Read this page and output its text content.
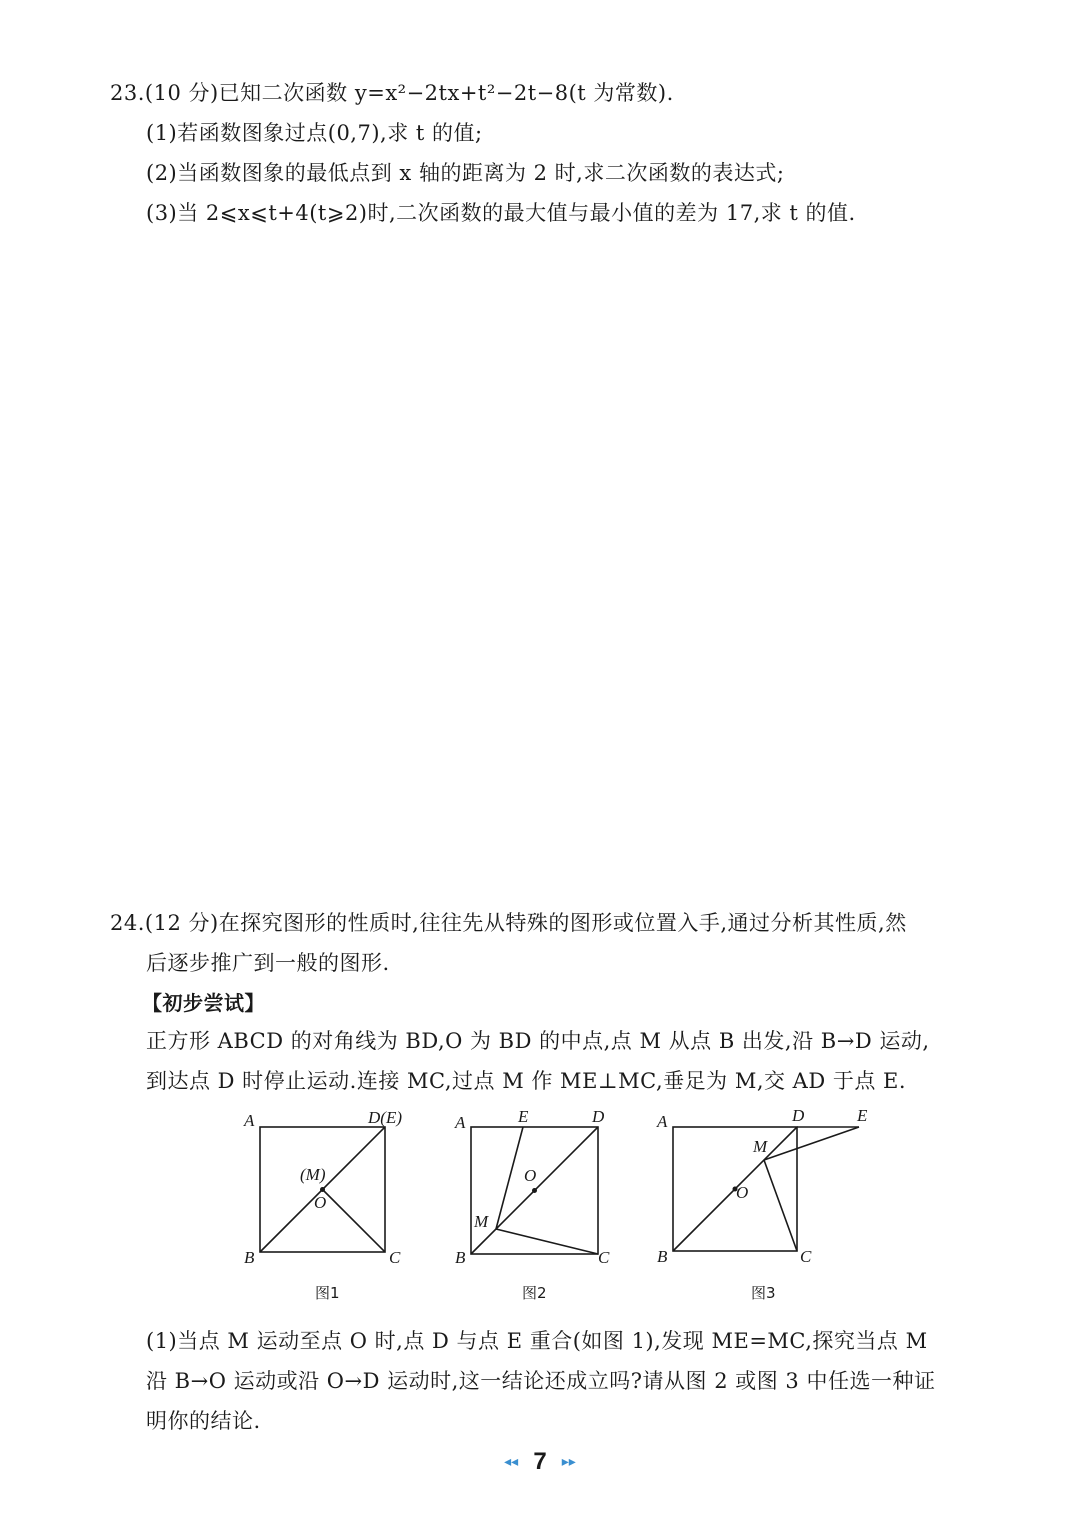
23.(10 分)已知二次函数 y=x²−2tx+t²−2t−8(t 为常数).
(1)若函数图象过点(0,7),求 t 的值;
(2)当函数图象的最低点到 x 轴的距离为 2 时,求二次函数的表达式;
(3)当 2⩽x⩽t+4(t⩾2)时,二次函数的最大值与最小值的差为 17,求 t 的值.
24.(12 分)在探究图形的性质时,往往先从特殊的图形或位置入手,通过分析其性质,然
后逐步推广到一般的图形.
【初步尝试】
正方形 ABCD 的对角线为 BD,O 为 BD 的中点,点 M 从点 B 出发,沿 B→D 运动,
到达点 D 时停止运动.连接 MC,过点 M 作 ME⊥MC,垂足为 M,交 AD 于点 E.
A	D(E)
(M)
O
B	C
图1
A	E	D
O
M
B	C
图2
A	D	E
M
O
B	C
图3
(1)当点 M 运动至点 O 时,点 D 与点 E 重合(如图 1),发现 ME=MC,探究当点 M
沿 B→O 运动或沿 O→D 运动时,这一结论还成立吗?请从图 2 或图 3 中任选一种证
明你的结论.
◂◂ 7 ▸▸
